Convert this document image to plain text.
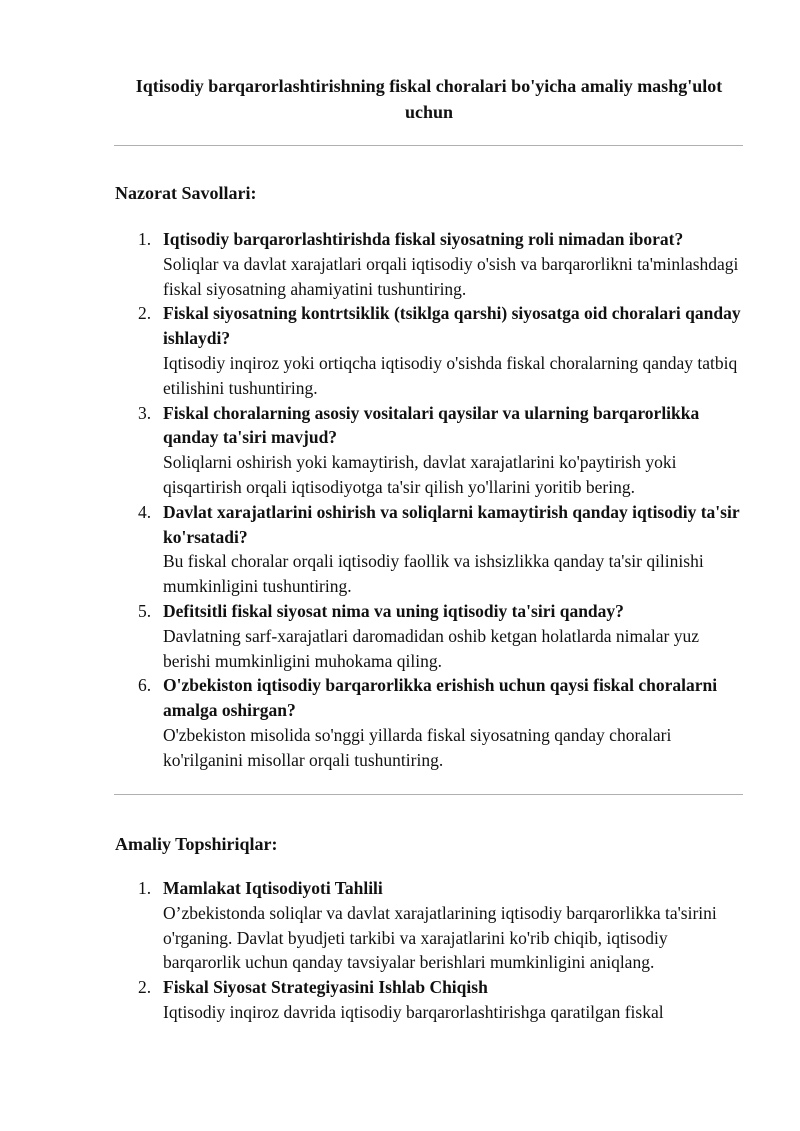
Iqtisodiy barqarorlashtirishning fiskal choralari bo'yicha amaliy mashg'ulot uchun
Nazorat Savollari:
1. Iqtisodiy barqarorlashtirishda fiskal siyosatning roli nimadan iborat?
Soliqlar va davlat xarajatlari orqali iqtisodiy o'sish va barqarorlikni ta'minlashdagi fiskal siyosatning ahamiyatini tushuntiring.
2. Fiskal siyosatning kontrtsiklik (tsiklga qarshi) siyosatga oid choralari qanday ishlaydi?
Iqtisodiy inqiroz yoki ortiqcha iqtisodiy o'sishda fiskal choralarning qanday tatbiq etilishini tushuntiring.
3. Fiskal choralarning asosiy vositalari qaysilar va ularning barqarorlikka qanday ta'siri mavjud?
Soliqlarni oshirish yoki kamaytirish, davlat xarajatlarini ko'paytirish yoki qisqartirish orqali iqtisodiyotga ta'sir qilish yo'llarini yoritib bering.
4. Davlat xarajatlarini oshirish va soliqlarni kamaytirish qanday iqtisodiy ta'sir ko'rsatadi?
Bu fiskal choralar orqali iqtisodiy faollik va ishsizlikka qanday ta'sir qilinishi mumkinligini tushuntiring.
5. Defitsitli fiskal siyosat nima va uning iqtisodiy ta'siri qanday?
Davlatning sarf-xarajatlari daromadidan oshib ketgan holatlarda nimalar yuz berishi mumkinligini muhokama qiling.
6. O'zbekiston iqtisodiy barqarorlikka erishish uchun qaysi fiskal choralarni amalga oshirgan?
O'zbekiston misolida so'nggi yillarda fiskal siyosatning qanday choralari ko'rilganini misollar orqali tushuntiring.
Amaliy Topshiriqlar:
1. Mamlakat Iqtisodiyoti Tahlili
O’zbekistonda soliqlar va davlat xarajatlarining iqtisodiy barqarorlikka ta'sirini o'rganing. Davlat byudjeti tarkibi va xarajatlarini ko'rib chiqib, iqtisodiy barqarorlik uchun qanday tavsiyalar berishlari mumkinligini aniqlang.
2. Fiskal Siyosat Strategiyasini Ishlab Chiqish
Iqtisodiy inqiroz davrida iqtisodiy barqarorlashtirishga qaratilgan fiskal
